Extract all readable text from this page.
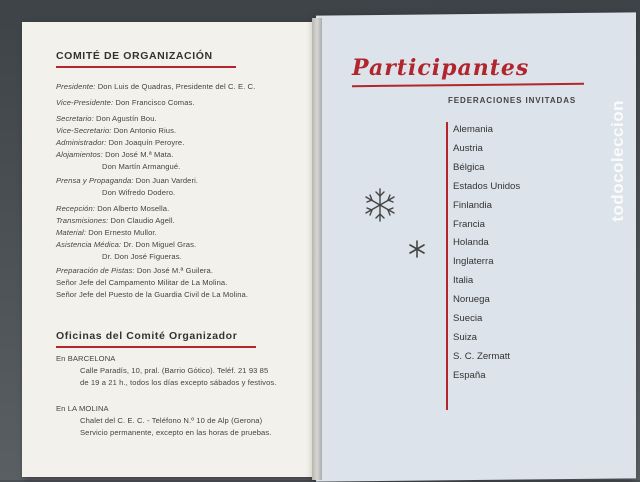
COMITÉ DE ORGANIZACIÓN
Presidente: Don Luis de Quadras, Presidente del C. E. C.
Vice-Presidente: Don Francisco Comas.
Secretario: Don Agustín Bou.
Vice-Secretario: Don Antonio Rius.
Administrador: Don Joaquín Peroyre.
Alojamientos: Don José M.ª Mata.
Don Martín Armangué.
Prensa y Propaganda: Don Juan Varderi.
Don Wifredo Dodero.
Recepción: Don Alberto Mosella.
Transmisiones: Don Claudio Agell.
Material: Don Ernesto Mullor.
Asistencia Médica: Dr. Don Miguel Gras.
Dr. Don José Figueras.
Preparación de Pistas: Don José M.ª Guilera.
Señor Jefe del Campamento Militar de La Molina.
Señor Jefe del Puesto de la Guardia Civil de La Molina.
Oficinas del Comité Organizador
En BARCELONA
Calle Paradís, 10, pral. (Barrio Gótico). Teléf. 21 93 85
de 19 a 21 h., todos los días excepto sábados y festivos.
En LA MOLINA
Chalet del C. E. C. - Teléfono N.º 10 de Alp (Gerona)
Servicio permanente, excepto en las horas de pruebas.
Participantes
FEDERACIONES INVITADAS
Alemania
Austria
Bélgica
Estados Unidos
Finlandia
Francia
Holanda
Inglaterra
Italia
Noruega
Suecia
Suiza
S. C. Zermatt
España
todocoleccion
